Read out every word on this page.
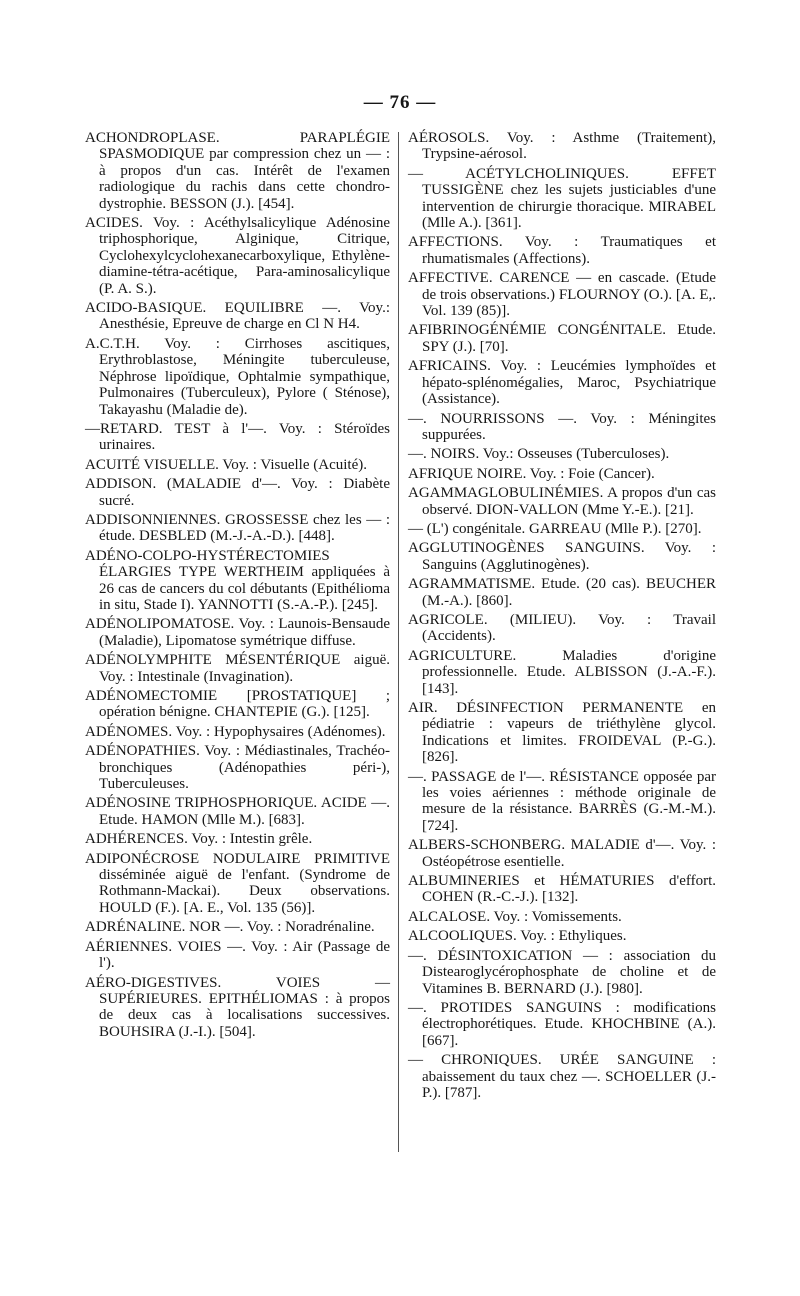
— 76 —

ACHONDROPLASE. PARAPLÉGIE SPASMODIQUE par compression chez un — : à propos d'un cas. Intérêt de l'examen radiologique du rachis dans cette chondro-dystrophie. BESSON (J.). [454].

ACIDES. Voy. : Acéthylsalicylique Adénosine triphosphorique, Alginique, Citrique, Cyclohexylcyclohexanecarboxylique, Ethylène-diamine-tétra-acétique, Para-aminosalicylique (P. A. S.).

ACIDO-BASIQUE. EQUILIBRE —. Voy.: Anesthésie, Epreuve de charge en Cl N H4.

A.C.T.H. Voy. : Cirrhoses ascitiques, Erythroblastose, Méningite tuberculeuse, Néphrose lipoïdique, Ophtalmie sympathique, Pulmonaires (Tuberculeux), Pylore ( Sténose), Takayashu (Maladie de).

—RETARD. TEST à l'—. Voy. : Stéroïdes urinaires.

ACUITÉ VISUELLE. Voy. : Visuelle (Acuité).

ADDISON. (MALADIE d'—. Voy. : Diabète sucré.

ADDISONNIENNES. GROSSESSE chez les — : étude. DESBLED (M.-J.-A.-D.). [448].

ADÉNO-COLPO-HYSTÉRECTOMIES ÉLARGIES TYPE WERTHEIM appliquées à 26 cas de cancers du col débutants (Epithélioma in situ, Stade I). YANNOTTI (S.-A.-P.). [245].

ADÉNOLIPOMATOSE. Voy. : Launois-Bensaude (Maladie), Lipomatose symétrique diffuse.

ADÉNOLYMPHITE MÉSENTÉRIQUE aiguë. Voy. : Intestinale (Invagination).

ADÉNOMECTOMIE [PROSTATIQUE] ; opération bénigne. CHANTEPIE (G.). [125].

ADÉNOMES. Voy. : Hypophysaires (Adénomes).

ADÉNOPATHIES. Voy. : Médiastinales, Trachéo-bronchiques (Adénopathies péri-), Tuberculeuses.

ADÉNOSINE TRIPHOSPHORIQUE. ACIDE —. Etude. HAMON (Mlle M.). [683].

ADHÉRENCES. Voy. : Intestin grêle.

ADIPONÉCROSE NODULAIRE PRIMITIVE disséminée aiguë de l'enfant. (Syndrome de Rothmann-Mackai). Deux observations. HOULD (F.). [A. E., Vol. 135 (56)].

ADRÉNALINE. NOR —. Voy. : Noradrénaline.

AÉRIENNES. VOIES —. Voy. : Air (Passage de l').

AÉRO-DIGESTIVES. VOIES — SUPÉRIEURES. EPITHÉLIOMAS : à propos de deux cas à localisations successives. BOUHSIRA (J.-I.). [504].

AÉROSOLS. Voy. : Asthme (Traitement), Trypsine-aérosol.

— ACÉTYLCHOLINIQUES. EFFET TUSSIGÈNE chez les sujets justiciables d'une intervention de chirurgie thoracique. MIRABEL (Mlle A.). [361].

AFFECTIONS. Voy. : Traumatiques et rhumatismales (Affections).

AFFECTIVE. CARENCE — en cascade. (Etude de trois observations.) FLOURNOY (O.). [A. E,. Vol. 139 (85)].

AFIBRINOGÉNÉMIE CONGÉNITALE. Etude. SPY (J.). [70].

AFRICAINS. Voy. : Leucémies lymphoïdes et hépato-splénomégalies, Maroc, Psychiatrique (Assistance).

—. NOURRISSONS —. Voy. : Méningites suppurées.

—. NOIRS. Voy.: Osseuses (Tuberculoses).

AFRIQUE NOIRE. Voy. : Foie (Cancer).

AGAMMAGLOBULINÉMIES. A propos d'un cas observé. DION-VALLON (Mme Y.-E.). [21].

— (L') congénitale. GARREAU (Mlle P.). [270].

AGGLUTINOGÈNES SANGUINS. Voy. : Sanguins (Agglutinogènes).

AGRAMMATISME. Etude. (20 cas). BEUCHER (M.-A.). [860].

AGRICOLE. (MILIEU). Voy. : Travail (Accidents).

AGRICULTURE. Maladies d'origine professionnelle. Etude. ALBISSON (J.-A.-F.). [143].

AIR. DÉSINFECTION PERMANENTE en pédiatrie : vapeurs de triéthylène glycol. Indications et limites. FROIDEVAL (P.-G.). [826].

—. PASSAGE de l'—. RÉSISTANCE opposée par les voies aériennes : méthode originale de mesure de la résistance. BARRÈS (G.-M.-M.). [724].

ALBERS-SCHONBERG. MALADIE d'—. Voy. : Ostéopétrose esentielle.

ALBUMINERIES et HÉMATURIES d'effort. COHEN (R.-C.-J.). [132].

ALCALOSE. Voy. : Vomissements.

ALCOOLIQUES. Voy. : Ethyliques.

—. DÉSINTOXICATION — : association du Distearoglycérophosphate de choline et de Vitamines B. BERNARD (J.). [980].

—. PROTIDES SANGUINS : modifications électrophorétiques. Etude. KHOCHBINE (A.). [667].

— CHRONIQUES. URÉE SANGUINE : abaissement du taux chez —. SCHOELLER (J.-P.). [787].
